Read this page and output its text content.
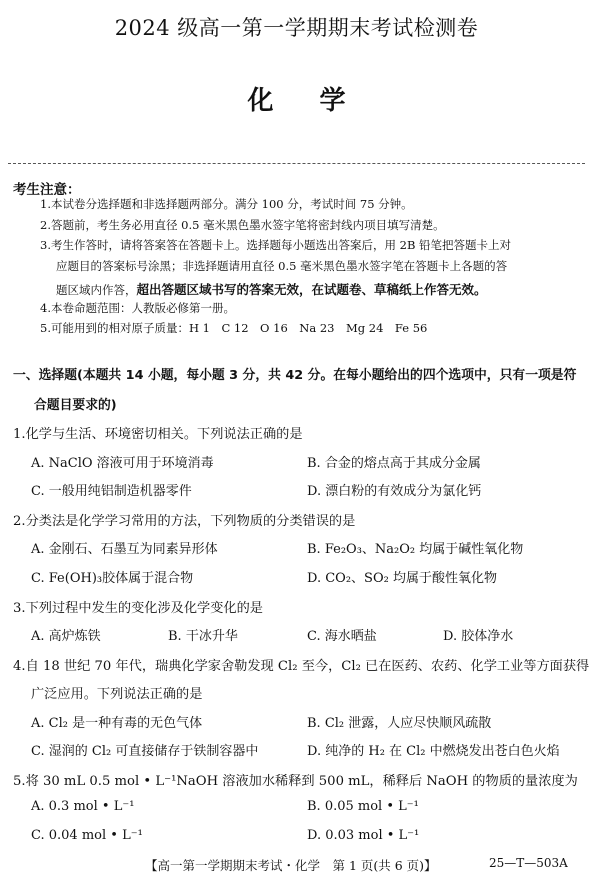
2024 级高一第一学期期末考试检测卷
化 学
考生注意：
1.本试卷分选择题和非选择题两部分。满分 100 分，考试时间 75 分钟。
2.答题前，考生务必用直径 0.5 毫米黑色墨水签字笔将密封线内项目填写清楚。
3.考生作答时，请将答案答在答题卡上。选择题每小题选出答案后，用 2B 铅笔把答题卡上对
应题目的答案标号涂黑；非选择题请用直径 0.5 毫米黑色墨水签字笔在答题卡上各题的答
题区域内作答，超出答题区域书写的答案无效，在试题卷、草稿纸上作答无效。
4.本卷命题范围：人教版必修第一册。
5.可能用到的相对原子质量：H 1　C 12　O 16　Na 23　Mg 24　Fe 56
一、选择题(本题共 14 小题，每小题 3 分，共 42 分。在每小题给出的四个选项中，只有一项是符
合题目要求的)
1.化学与生活、环境密切相关。下列说法正确的是
A. NaClO 溶液可用于环境消毒	B. 合金的熔点高于其成分金属
C. 一般用纯铝制造机器零件	D. 漂白粉的有效成分为氯化钙
2.分类法是化学学习常用的方法，下列物质的分类错误的是
A. 金刚石、石墨互为同素异形体	B. Fe₂O₃、Na₂O₂ 均属于碱性氧化物
C. Fe(OH)₃胶体属于混合物	D. CO₂、SO₂ 均属于酸性氧化物
3.下列过程中发生的变化涉及化学变化的是
A. 高炉炼铁	B. 干冰升华	C. 海水晒盐	D. 胶体净水
4.自 18 世纪 70 年代，瑞典化学家舍勒发现 Cl₂ 至今，Cl₂ 已在医药、农药、化学工业等方面获得
广泛应用。下列说法正确的是
A. Cl₂ 是一种有毒的无色气体	B. Cl₂ 泄露，人应尽快顺风疏散
C. 湿润的 Cl₂ 可直接储存于铁制容器中	D. 纯净的 H₂ 在 Cl₂ 中燃烧发出苍白色火焰
5.将 30 mL 0.5 mol • L⁻¹NaOH 溶液加水稀释到 500 mL，稀释后 NaOH 的物质的量浓度为
A. 0.3 mol • L⁻¹	B. 0.05 mol • L⁻¹
C. 0.04 mol • L⁻¹	D. 0.03 mol • L⁻¹
【高一第一学期期末考试・化学　第 1 页(共 6 页)】	25—T—503A
